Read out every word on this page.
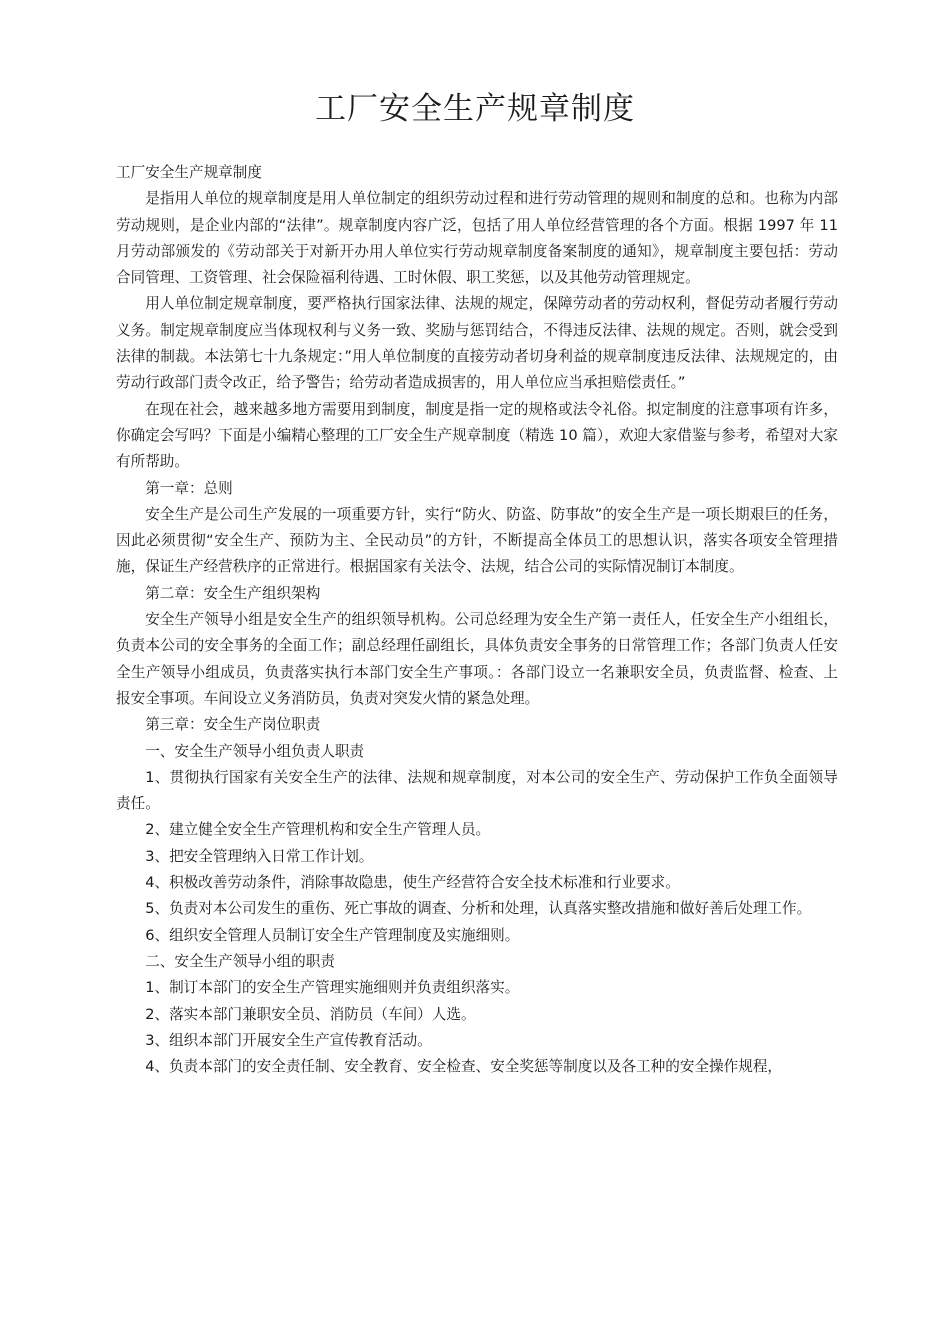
工厂安全生产规章制度

工厂安全生产规章制度

是指用人单位的规章制度是用人单位制定的组织劳动过程和进行劳动管理的规则和制度的总和。也称为内部劳动规则，是企业内部的“法律”。规章制度内容广泛，包括了用人单位经营管理的各个方面。根据 1997 年 11 月劳动部颁发的《劳动部关于对新开办用人单位实行劳动规章制度备案制度的通知》，规章制度主要包括：劳动合同管理、工资管理、社会保险福利待遇、工时休假、职工奖惩，以及其他劳动管理规定。

用人单位制定规章制度，要严格执行国家法律、法规的规定，保障劳动者的劳动权利，督促劳动者履行劳动义务。制定规章制度应当体现权利与义务一致、奖励与惩罚结合，不得违反法律、法规的规定。否则，就会受到法律的制裁。本法第七十九条规定：”用人单位制度的直接劳动者切身利益的规章制度违反法律、法规规定的，由劳动行政部门责令改正，给予警告；给劳动者造成损害的，用人单位应当承担赔偿责任。”

在现在社会，越来越多地方需要用到制度，制度是指一定的规格或法令礼俗。拟定制度的注意事项有许多，你确定会写吗？下面是小编精心整理的工厂安全生产规章制度（精选 10 篇），欢迎大家借鉴与参考，希望对大家有所帮助。

第一章：总则

安全生产是公司生产发展的一项重要方针，实行“防火、防盗、防事故”的安全生产是一项长期艰巨的任务，因此必须贯彻“安全生产、预防为主、全民动员”的方针，不断提高全体员工的思想认识，落实各项安全管理措施，保证生产经营秩序的正常进行。根据国家有关法令、法规，结合公司的实际情况制订本制度。

第二章：安全生产组织架构

安全生产领导小组是安全生产的组织领导机构。公司总经理为安全生产第一责任人，任安全生产小组组长，负责本公司的安全事务的全面工作；副总经理任副组长，具体负责安全事务的日常管理工作；各部门负责人任安全生产领导小组成员，负责落实执行本部门安全生产事项。：各部门设立一名兼职安全员，负责监督、检查、上报安全事项。车间设立义务消防员，负责对突发火情的紧急处理。

第三章：安全生产岗位职责

一、安全生产领导小组负责人职责

1、贯彻执行国家有关安全生产的法律、法规和规章制度，对本公司的安全生产、劳动保护工作负全面领导责任。

2、建立健全安全生产管理机构和安全生产管理人员。

3、把安全管理纳入日常工作计划。

4、积极改善劳动条件，消除事故隐患，使生产经营符合安全技术标准和行业要求。

5、负责对本公司发生的重伤、死亡事故的调查、分析和处理，认真落实整改措施和做好善后处理工作。

6、组织安全管理人员制订安全生产管理制度及实施细则。

二、安全生产领导小组的职责

1、制订本部门的安全生产管理实施细则并负责组织落实。

2、落实本部门兼职安全员、消防员（车间）人选。

3、组织本部门开展安全生产宣传教育活动。

4、负责本部门的安全责任制、安全教育、安全检查、安全奖惩等制度以及各工种的安全操作规程，
